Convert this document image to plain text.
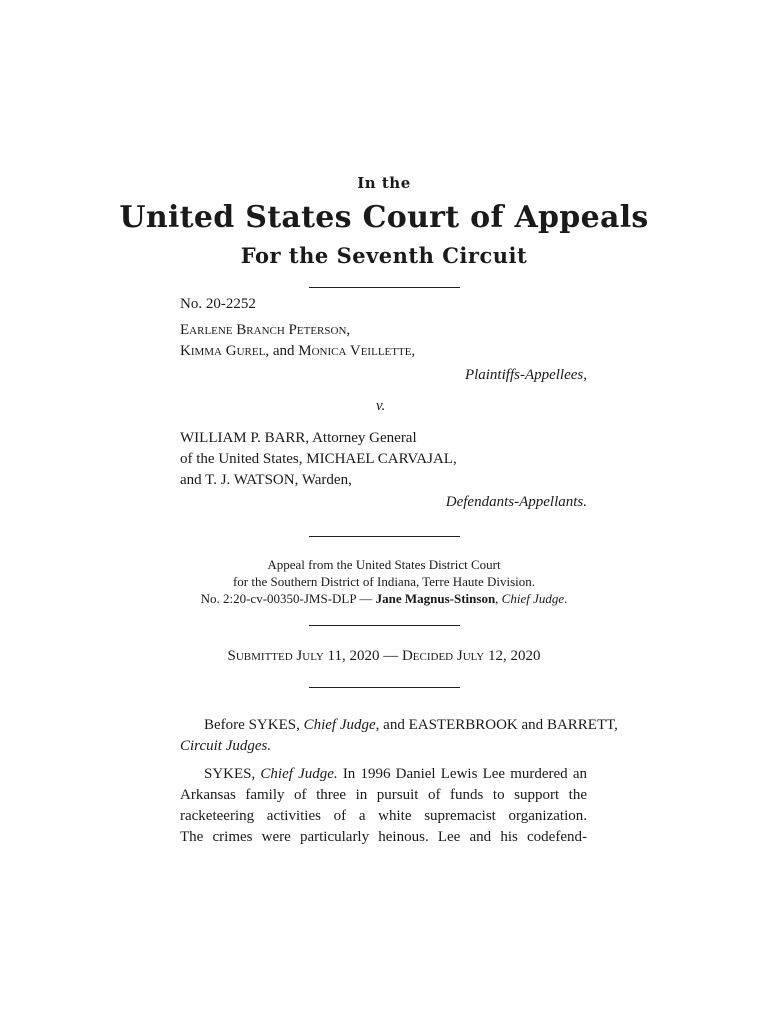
In the
United States Court of Appeals
For the Seventh Circuit
No. 20-2252
Earlene Branch Peterson,
Kimma Gurel, and Monica Veillette,
Plaintiffs-Appellees,
v.
WILLIAM P. BARR, Attorney General
of the United States, MICHAEL CARVAJAL,
and T. J. WATSON, Warden,
Defendants-Appellants.
Appeal from the United States District Court
for the Southern District of Indiana, Terre Haute Division.
No. 2:20-cv-00350-JMS-DLP — Jane Magnus-Stinson, Chief Judge.
Submitted July 11, 2020 — Decided July 12, 2020
Before SYKES, Chief Judge, and EASTERBROOK and BARRETT,
Circuit Judges.
SYKES, Chief Judge. In 1996 Daniel Lewis Lee murdered an
Arkansas family of three in pursuit of funds to support the
racketeering activities of a white supremacist organization.
The crimes were particularly heinous. Lee and his codefend-
